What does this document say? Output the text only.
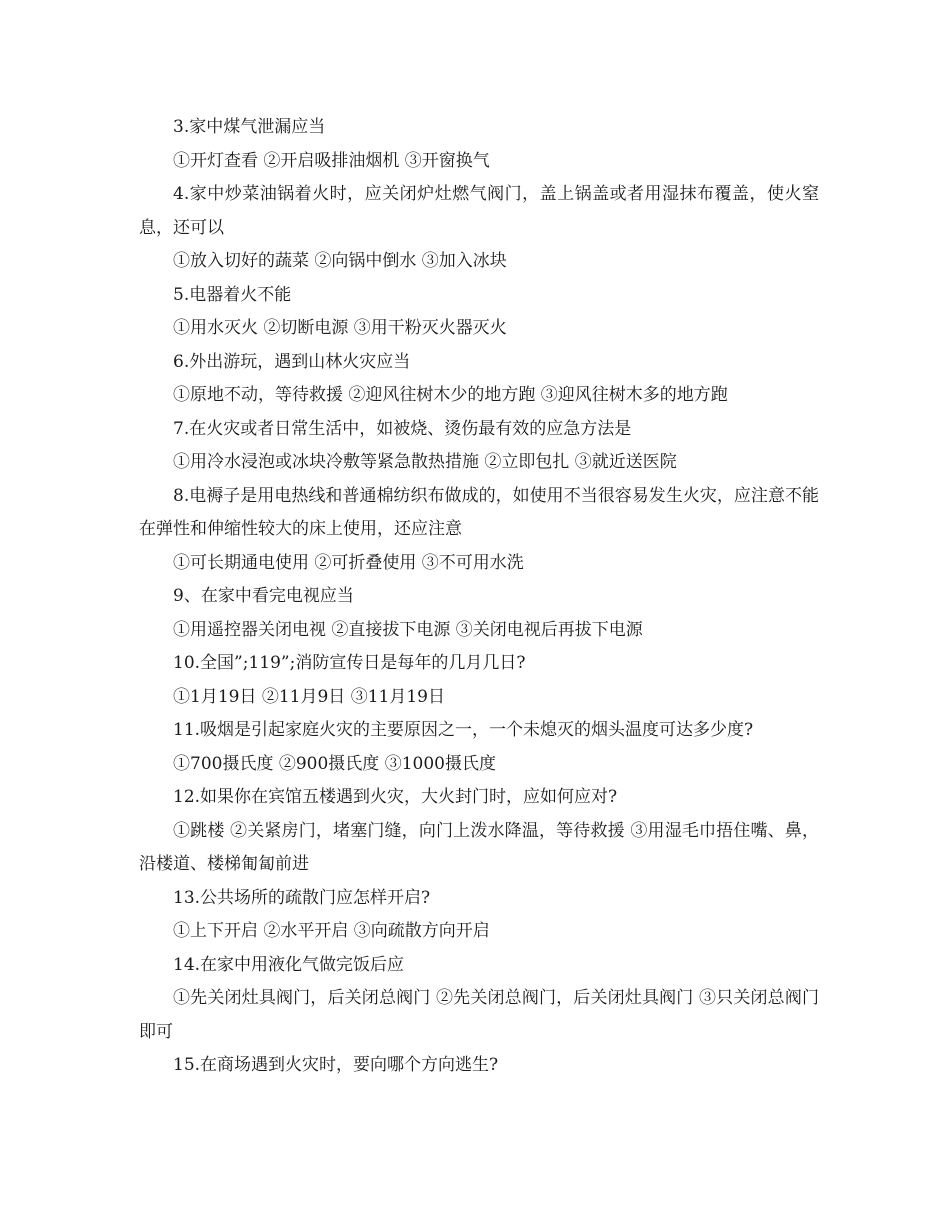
3.家中煤气泄漏应当

①开灯查看 ②开启吸排油烟机 ③开窗换气

4.家中炒菜油锅着火时，应关闭炉灶燃气阀门，盖上锅盖或者用湿抹布覆盖，使火窒息，还可以

①放入切好的蔬菜 ②向锅中倒水 ③加入冰块

5.电器着火不能

①用水灭火 ②切断电源 ③用干粉灭火器灭火

6.外出游玩，遇到山林火灾应当

①原地不动，等待救援 ②迎风往树木少的地方跑 ③迎风往树木多的地方跑

7.在火灾或者日常生活中，如被烧、烫伤最有效的应急方法是

①用冷水浸泡或冰块冷敷等紧急散热措施 ②立即包扎 ③就近送医院

8.电褥子是用电热线和普通棉纺织布做成的，如使用不当很容易发生火灾，应注意不能在弹性和伸缩性较大的床上使用，还应注意

①可长期通电使用 ②可折叠使用 ③不可用水洗

9、在家中看完电视应当

①用遥控器关闭电视 ②直接拔下电源 ③关闭电视后再拔下电源

10.全国”;119”;消防宣传日是每年的几月几日?

①1月19日 ②11月9日 ③11月19日

11.吸烟是引起家庭火灾的主要原因之一，一个未熄灭的烟头温度可达多少度?

①700摄氏度 ②900摄氏度 ③1000摄氏度

12.如果你在宾馆五楼遇到火灾，大火封门时，应如何应对?

①跳楼 ②关紧房门，堵塞门缝，向门上泼水降温，等待救援 ③用湿毛巾捂住嘴、鼻，沿楼道、楼梯匍匐前进

13.公共场所的疏散门应怎样开启?

①上下开启 ②水平开启 ③向疏散方向开启

14.在家中用液化气做完饭后应

①先关闭灶具阀门，后关闭总阀门 ②先关闭总阀门，后关闭灶具阀门 ③只关闭总阀门即可

15.在商场遇到火灾时，要向哪个方向逃生?
